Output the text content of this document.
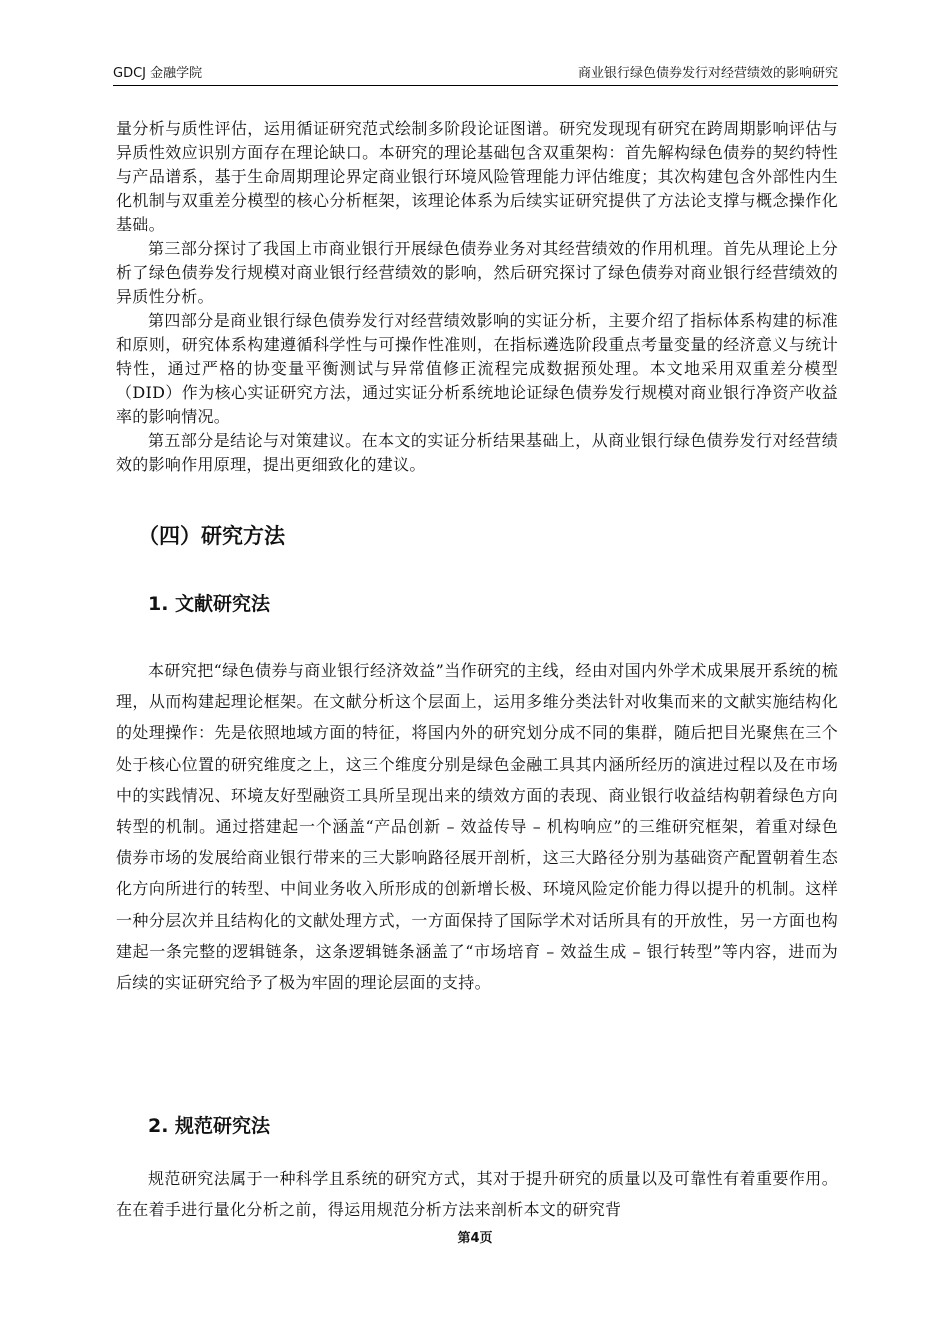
GDCJ 金融学院	商业银行绿色债券发行对经营绩效的影响研究

量分析与质性评估，运用循证研究范式绘制多阶段论证图谱。研究发现现有研究在跨周期影响评估与异质性效应识别方面存在理论缺口。本研究的理论基础包含双重架构：首先解构绿色债券的契约特性与产品谱系，基于生命周期理论界定商业银行环境风险管理能力评估维度；其次构建包含外部性内生化机制与双重差分模型的核心分析框架，该理论体系为后续实证研究提供了方法论支撑与概念操作化基础。

第三部分探讨了我国上市商业银行开展绿色债券业务对其经营绩效的作用机理。首先从理论上分析了绿色债券发行规模对商业银行经营绩效的影响，然后研究探讨了绿色债券对商业银行经营绩效的异质性分析。

第四部分是商业银行绿色债券发行对经营绩效影响的实证分析，主要介绍了指标体系构建的标准和原则，研究体系构建遵循科学性与可操作性准则，在指标遴选阶段重点考量变量的经济意义与统计特性，通过严格的协变量平衡测试与异常值修正流程完成数据预处理。本文地采用双重差分模型（DID）作为核心实证研究方法，通过实证分析系统地论证绿色债券发行规模对商业银行净资产收益率的影响情况。

第五部分是结论与对策建议。在本文的实证分析结果基础上，从商业银行绿色债券发行对经营绩效的影响作用原理，提出更细致化的建议。

（四）研究方法
1. 文献研究法

本研究把“绿色债券与商业银行经济效益”当作研究的主线，经由对国内外学术成果展开系统的梳理，从而构建起理论框架。在文献分析这个层面上，运用多维分类法针对收集而来的文献实施结构化的处理操作：先是依照地域方面的特征，将国内外的研究划分成不同的集群，随后把目光聚焦在三个处于核心位置的研究维度之上，这三个维度分别是绿色金融工具其内涵所经历的演进过程以及在市场中的实践情况、环境友好型融资工具所呈现出来的绩效方面的表现、商业银行收益结构朝着绿色方向转型的机制。通过搭建起一个涵盖“产品创新 – 效益传导 – 机构响应”的三维研究框架，着重对绿色债券市场的发展给商业银行带来的三大影响路径展开剖析，这三大路径分别为基础资产配置朝着生态化方向所进行的转型、中间业务收入所形成的创新增长极、环境风险定价能力得以提升的机制。这样一种分层次并且结构化的文献处理方式，一方面保持了国际学术对话所具有的开放性，另一方面也构建起一条完整的逻辑链条，这条逻辑链条涵盖了“市场培育 – 效益生成 – 银行转型”等内容，进而为后续的实证研究给予了极为牢固的理论层面的支持。

2. 规范研究法

规范研究法属于一种科学且系统的研究方式，其对于提升研究的质量以及可靠性有着重要作用。在在着手进行量化分析之前，得运用规范分析方法来剖析本文的研究背

第4页
